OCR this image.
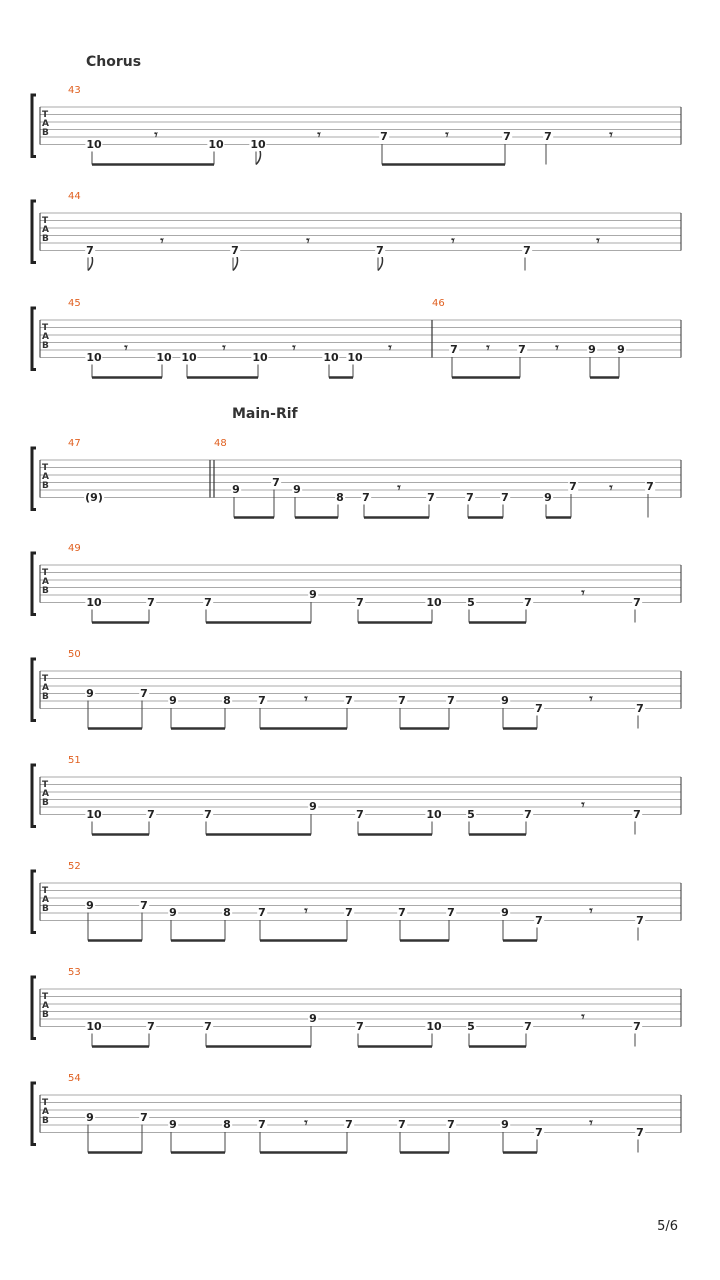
Chorus
Main-Rif
T
A
B
43
10	10 10
7	7	7
𝄾	𝄾	𝄾	𝄾
T
A
B
44
7	7	7	7
𝄾	𝄾	𝄾	𝄾
T
A
B
45	46
10	10 10	10	10 10
7	7	9 9
𝄾	𝄾	𝄾	𝄾	𝄾	𝄾
T
A
B
47	48
(9)
9
7
9
8 7	7	7 7	9
7	7
𝄾	𝄾
T
A
B
49
10	7	7
9
7	10 5	7	7
𝄾
T
A
B
50
9	7
9	8 7	7	7	7	9
7	7
𝄾	𝄾
T
A
B
51
10	7	7
9
7	10 5	7	7
𝄾
T
A
B
52
9	7
9	8 7	7	7	7	9
7	7
𝄾	𝄾
T
A
B
53
10	7	7
9
7	10 5	7	7
𝄾
T
A
B
54
9	7
9	8 7	7	7	7	9
7	7
𝄾	𝄾
5/6
